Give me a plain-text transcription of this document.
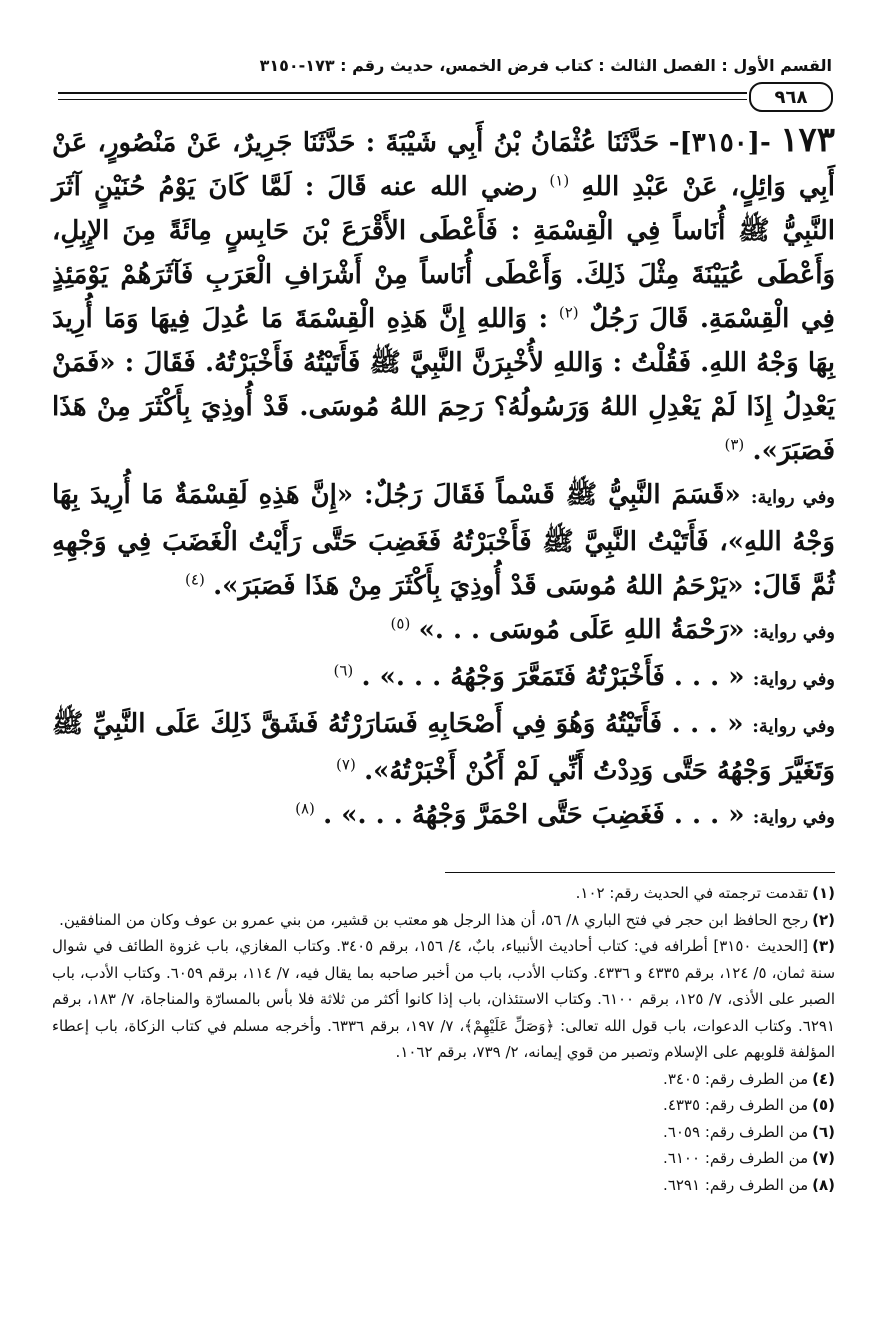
القسم الأول : الفصل الثالث : كتاب فرض الخمس، حديث رقم : ١٧٣-٣١٥٠
٩٦٨

١٧٣ -[٣١٥٠]- حَدَّثَنَا عُثْمَانُ بْنُ أَبِي شَيْبَةَ : حَدَّثَنَا جَرِيرٌ، عَنْ مَنْصُورٍ، عَنْ أَبِي وَائِلٍ، عَنْ عَبْدِ اللهِ $^{(١)}$ رضي الله عنه قَالَ : لَمَّا كَانَ يَوْمُ حُنَيْنٍ آثَرَ النَّبِيُّ ﷺ أُنَاساً فِي الْقِسْمَةِ : فَأَعْطَى الأَقْرَعَ بْنَ حَابِسٍ مِائَةً مِنَ الإِبِلِ، وَأَعْطَى عُيَيْنَةَ مِثْلَ ذَلِكَ. وَأَعْطَى أُنَاساً مِنْ أَشْرَافِ الْعَرَبِ فَآثَرَهُمْ يَوْمَئِذٍ فِي الْقِسْمَةِ. قَالَ رَجُلٌ $^{(٢)}$ : وَاللهِ إِنَّ هَذِهِ الْقِسْمَةَ مَا عُدِلَ فِيهَا وَمَا أُرِيدَ بِهَا وَجْهُ اللهِ. فَقُلْتُ : وَاللهِ لأُخْبِرَنَّ النَّبِيَّ ﷺ فَأَتَيْتُهُ فَأَخْبَرْتُهُ. فَقَالَ : «فَمَنْ يَعْدِلُ إِذَا لَمْ يَعْدِلِ اللهُ وَرَسُولُهُ؟ رَحِمَ اللهُ مُوسَى. قَدْ أُوذِيَ بِأَكْثَرَ مِنْ هَذَا فَصَبَرَ». $^{(٣)}$

وفي رواية: «قَسَمَ النَّبِيُّ ﷺ قَسْماً فَقَالَ رَجُلٌ: «إِنَّ هَذِهِ لَقِسْمَةٌ مَا أُرِيدَ بِهَا وَجْهُ اللهِ»، فَأَتَيْتُ النَّبِيَّ ﷺ فَأَخْبَرْتُهُ فَغَضِبَ حَتَّى رَأَيْتُ الْغَضَبَ فِي وَجْهِهِ ثُمَّ قَالَ: «يَرْحَمُ اللهُ مُوسَى قَدْ أُوذِيَ بِأَكْثَرَ مِنْ هَذَا فَصَبَرَ». $^{(٤)}$

وفي رواية: «رَحْمَةُ اللهِ عَلَى مُوسَى . . .» $^{(٥)}$

وفي رواية: « . . . فَأَخْبَرْتُهُ فَتَمَعَّرَ وَجْهُهُ . . .» . $^{(٦)}$

وفي رواية: « . . . فَأَتَيْتُهُ وَهُوَ فِي أَصْحَابِهِ فَسَارَرْتُهُ فَشَقَّ ذَلِكَ عَلَى النَّبِيِّ ﷺ وَتَغَيَّرَ وَجْهُهُ حَتَّى وَدِدْتُ أَنِّي لَمْ أَكُنْ أَخْبَرْتُهُ». $^{(٧)}$

وفي رواية: « . . . فَغَضِبَ حَتَّى احْمَرَّ وَجْهُهُ . . .» . $^{(٨)}$

(١)تقدمت ترجمته في الحديث رقم: ١٠٢.

(٢)رجح الحافظ ابن حجر في فتح الباري ٨/ ٥٦، أن هذا الرجل هو معتب بن قشير، من بني عمرو بن عوف وكان من المنافقين.

(٣)[الحديث ٣١٥٠] أطرافه في: كتاب أحاديث الأنبياء، بابٌ، ٤/ ١٥٦، برقم ٣٤٠٥. وكتاب المغازي، باب غزوة الطائف في شوال سنة ثمان، ٥/ ١٢٤، برقم ٤٣٣٥ و ٤٣٣٦. وكتاب الأدب، باب من أخبر صاحبه بما يقال فيه، ٧/ ١١٤، برقم ٦٠٥٩. وكتاب الأدب، باب الصبر على الأذى، ٧/ ١٢٥، برقم ٦١٠٠. وكتاب الاستئذان، باب إذا كانوا أكثر من ثلاثة فلا بأس بالمسارّة والمناجاة، ٧/ ١٨٣، برقم ٦٢٩١. وكتاب الدعوات، باب قول الله تعالى: ﴿وَصَلِّ عَلَيْهِمْ﴾، ٧/ ١٩٧، برقم ٦٣٣٦. وأخرجه مسلم في كتاب الزكاة، باب إعطاء المؤلفة قلوبهم على الإسلام وتصبر من قوي إيمانه، ٢/ ٧٣٩، برقم ١٠٦٢.

(٤)من الطرف رقم: ٣٤٠٥.

(٥)من الطرف رقم: ٤٣٣٥.

(٦)من الطرف رقم: ٦٠٥٩.

(٧)من الطرف رقم: ٦١٠٠.

(٨)من الطرف رقم: ٦٢٩١.
